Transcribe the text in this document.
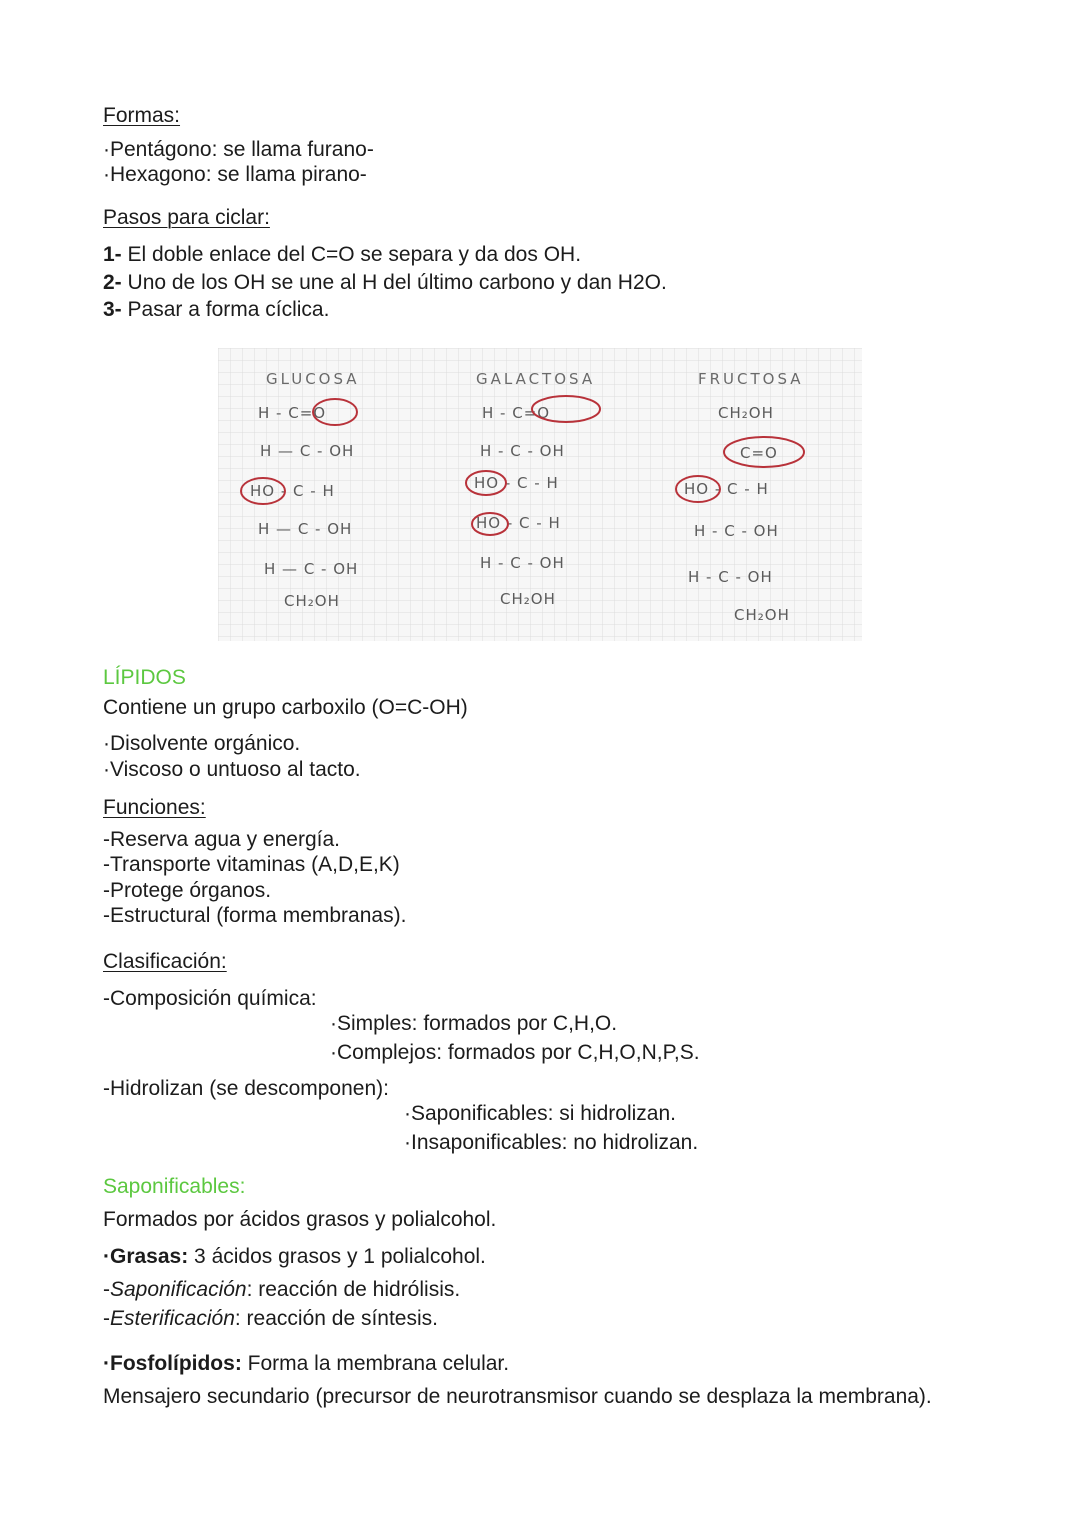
Formas:
·Pentágono: se llama furano-
·Hexagono: se llama pirano-
Pasos para ciclar:
1- El doble enlace del C=O se separa y da dos OH.
2- Uno de los OH se une al H del último carbono y dan H2O.
3- Pasar a forma cíclica.
GLUCOSA
H - C=O
H — C - OH
HO - C - H
H — C - OH
H — C - OH
CH₂OH
GALACTOSA
H - C=O
H - C - OH
HO - C - H
HO - C - H
H - C - OH
CH₂OH
FRUCTOSA
CH₂OH
C=O
HO - C - H
H - C - OH
H - C - OH
CH₂OH
LÍPIDOS
Contiene un grupo carboxilo (O=C-OH)
·Disolvente orgánico.
·Viscoso o untuoso al tacto.
Funciones:
-Reserva agua y energía.
-Transporte vitaminas (A,D,E,K)
-Protege órganos.
-Estructural (forma membranas).
Clasificación:
-Composición química:
·Simples: formados por C,H,O.
·Complejos: formados por C,H,O,N,P,S.
-Hidrolizan (se descomponen):
·Saponificables: si hidrolizan.
·Insaponificables: no hidrolizan.
Saponificables:
Formados por ácidos grasos y polialcohol.
·Grasas: 3 ácidos grasos y 1 polialcohol.
-Saponificación: reacción de hidrólisis.
-Esterificación: reacción de síntesis.
·Fosfolípidos: Forma la membrana celular.
Mensajero secundario (precursor de neurotransmisor cuando se desplaza la membrana).
